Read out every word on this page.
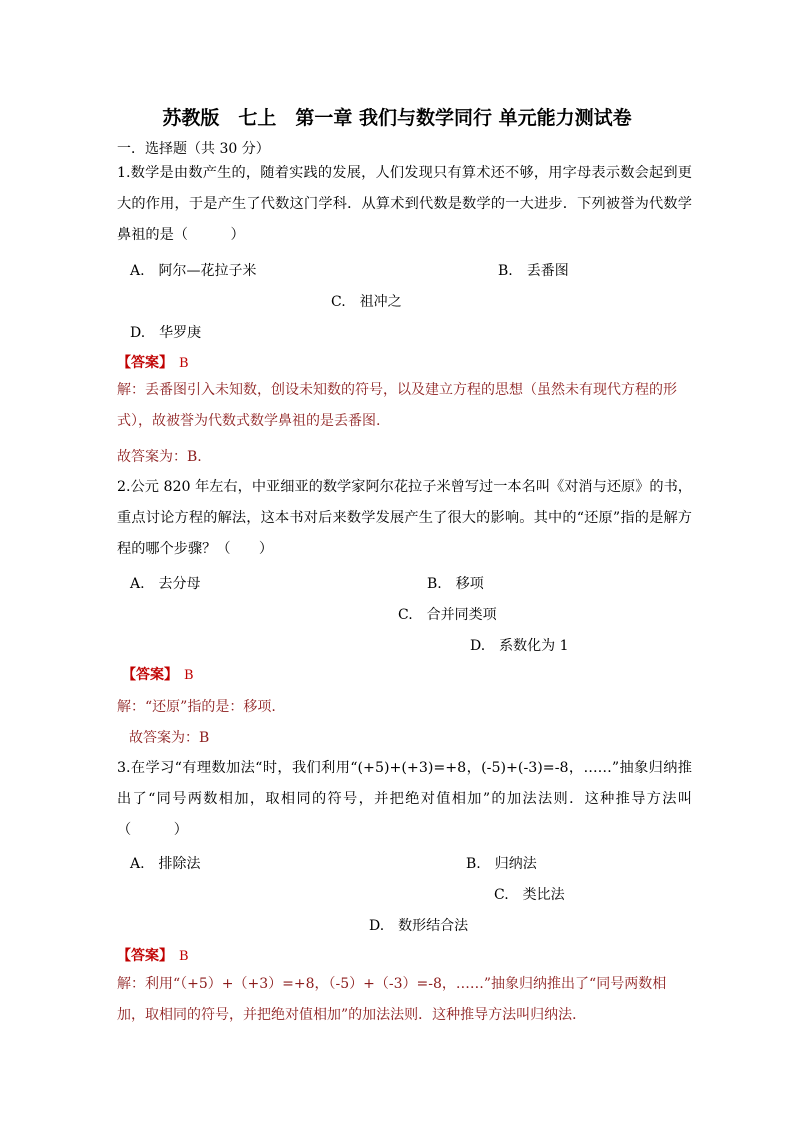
苏教版　七上　第一章 我们与数学同行 单元能力测试卷
一．选择题（共 30 分）
1.数学是由数产生的，随着实践的发展，人们发现只有算术还不够，用字母表示数会起到更大的作用，于是产生了代数这门学科．从算术到代数是数学的一大进步．下列被誉为代数学鼻祖的是（　　　）
A.　阿尔—花拉子米	B.　丢番图
C.　祖冲之
D.　华罗庚
【答案】 B
解：丢番图引入未知数，创设未知数的符号，以及建立方程的思想（虽然未有现代方程的形式），故被誉为代数式数学鼻祖的是丢番图.
故答案为：B.
2.公元 820 年左右，中亚细亚的数学家阿尔花拉子米曾写过一本名叫《对消与还原》的书，重点讨论方程的解法，这本书对后来数学发展产生了很大的影响。其中的“还原”指的是解方程的哪个步骤？（　　）
A.　去分母	B.　移项
C.　合并同类项
D.　系数化为 1
【答案】 B
解：“还原”指的是：移项.
故答案为：B
3.在学习“有理数加法“时，我们利用“(+5)+(+3)=+8，(-5)+(-3)=-8，……”抽象归纳推出了“同号两数相加，取相同的符号，并把绝对值相加”的加法法则．这种推导方法叫（　　　）
A.　排除法	B.　归纳法
C.　类比法
D.　数形结合法
【答案】 B
解：利用“（+5）+（+3）=+8，（-5）+（-3）=-8，……”抽象归纳推出了“同号两数相加，取相同的符号，并把绝对值相加”的加法法则．这种推导方法叫归纳法．
